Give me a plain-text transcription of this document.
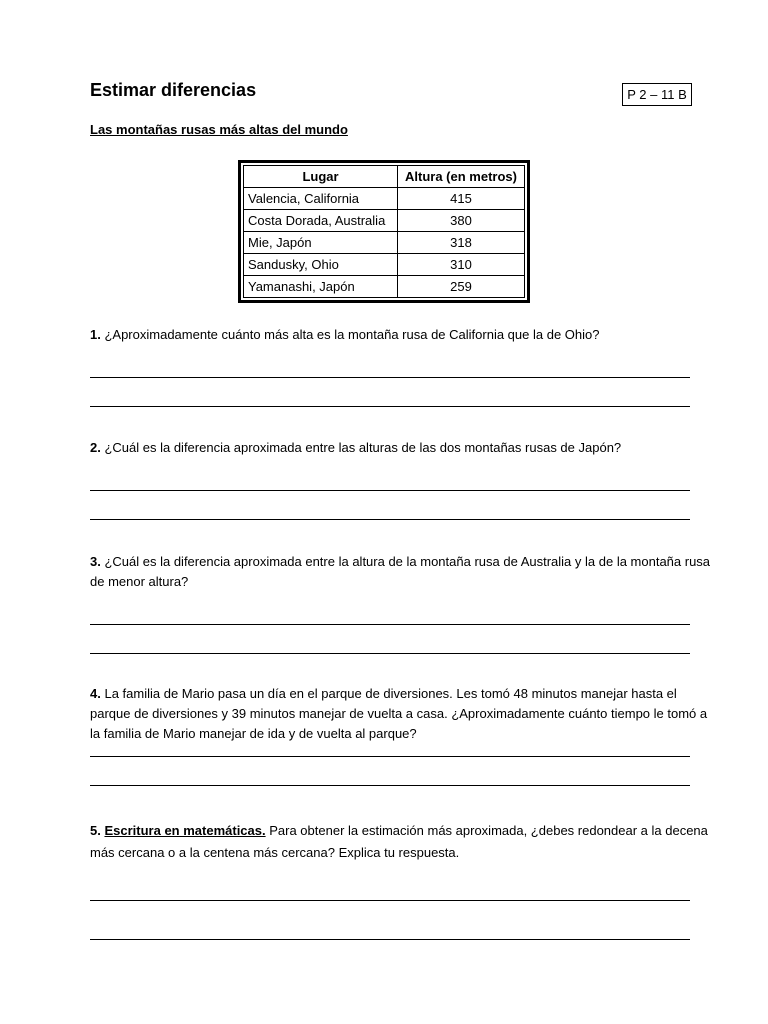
Estimar diferencias	P 2 – 11 B
Las montañas rusas más altas del mundo
Lugar	Altura (en metros)
Valencia, California	415
Costa Dorada, Australia	380
Mie, Japón	318
Sandusky, Ohio	310
Yamanashi, Japón	259
1. ¿Aproximadamente cuánto más alta es la montaña rusa de California que la de Ohio?
2. ¿Cuál es la diferencia aproximada entre las alturas de las dos montañas rusas de Japón?
3. ¿Cuál es la diferencia aproximada entre la altura de la montaña rusa de Australia y la de la montaña rusa de menor altura?
4. La familia de Mario pasa un día en el parque de diversiones. Les tomó 48 minutos manejar hasta el parque de diversiones y 39 minutos manejar de vuelta a casa. ¿Aproximadamente cuánto tiempo le tomó a la familia de Mario manejar de ida y de vuelta al parque?
5. Escritura en matemáticas. Para obtener la estimación más aproximada, ¿debes redondear a la decena más cercana o a la centena más cercana? Explica tu respuesta.
